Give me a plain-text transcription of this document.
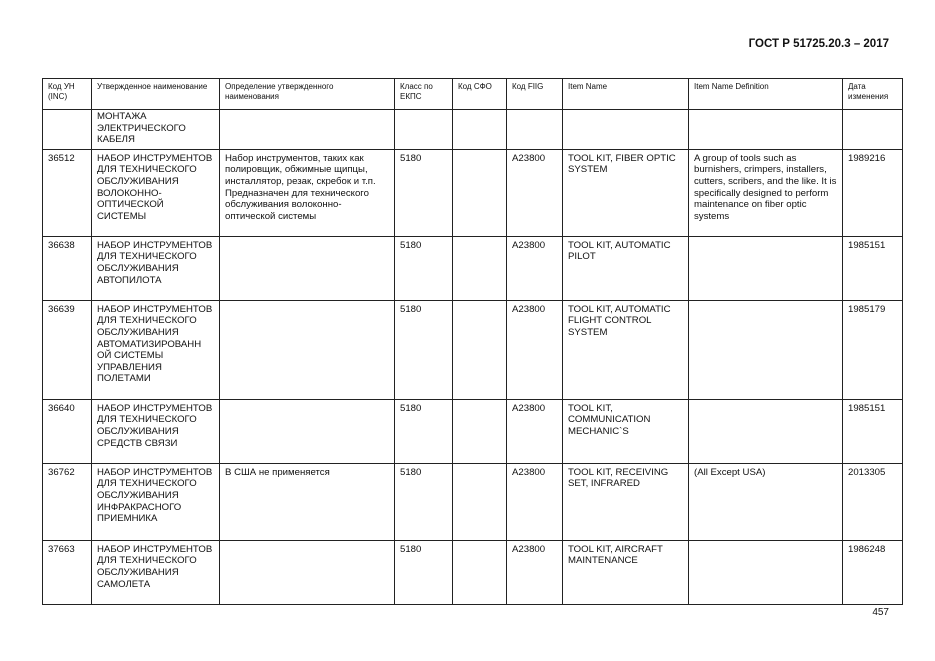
ГОСТ Р 51725.20.3 – 2017
Код УН (INC)	Утвержденное наименование	Определение утвержденного наименования	Класс по ЕКПС	Код СФО	Код FIIG	Item Name	Item Name Definition	Дата изменения
	МОНТАЖА ЭЛЕКТРИЧЕСКОГО КАБЕЛЯ							
36512	НАБОР ИНСТРУМЕНТОВ ДЛЯ ТЕХНИЧЕСКОГО ОБСЛУЖИВАНИЯ ВОЛОКОННО-ОПТИЧЕСКОЙ СИСТЕМЫ	Набор инструментов, таких как полировщик, обжимные щипцы, инсталлятор, резак, скребок и т.п. Предназначен для технического обслуживания волоконно-оптической системы	5180		A23800	TOOL KIT, FIBER OPTIC SYSTEM	A group of tools such as burnishers, crimpers, installers, cutters, scribers, and the like. It is specifically designed to perform maintenance on fiber optic systems	1989216
36638	НАБОР ИНСТРУМЕНТОВ ДЛЯ ТЕХНИЧЕСКОГО ОБСЛУЖИВАНИЯ АВТОПИЛОТА		5180		A23800	TOOL KIT, AUTOMATIC PILOT		1985151
36639	НАБОР ИНСТРУМЕНТОВ ДЛЯ ТЕХНИЧЕСКОГО ОБСЛУЖИВАНИЯ АВТОМАТИЗИРОВАНН ОЙ СИСТЕМЫ УПРАВЛЕНИЯ ПОЛЕТАМИ		5180		A23800	TOOL KIT, AUTOMATIC FLIGHT CONTROL SYSTEM		1985179
36640	НАБОР ИНСТРУМЕНТОВ ДЛЯ ТЕХНИЧЕСКОГО ОБСЛУЖИВАНИЯ СРЕДСТВ СВЯЗИ		5180		A23800	TOOL KIT, COMMUNICATION MECHANIC`S		1985151
36762	НАБОР ИНСТРУМЕНТОВ ДЛЯ ТЕХНИЧЕСКОГО ОБСЛУЖИВАНИЯ ИНФРАКРАСНОГО ПРИЕМНИКА	В США не применяется	5180		A23800	TOOL KIT, RECEIVING SET, INFRARED	(All Except USA)	2013305
37663	НАБОР ИНСТРУМЕНТОВ ДЛЯ ТЕХНИЧЕСКОГО ОБСЛУЖИВАНИЯ САМОЛЕТА		5180		A23800	TOOL KIT, AIRCRAFT MAINTENANCE		1986248
457
